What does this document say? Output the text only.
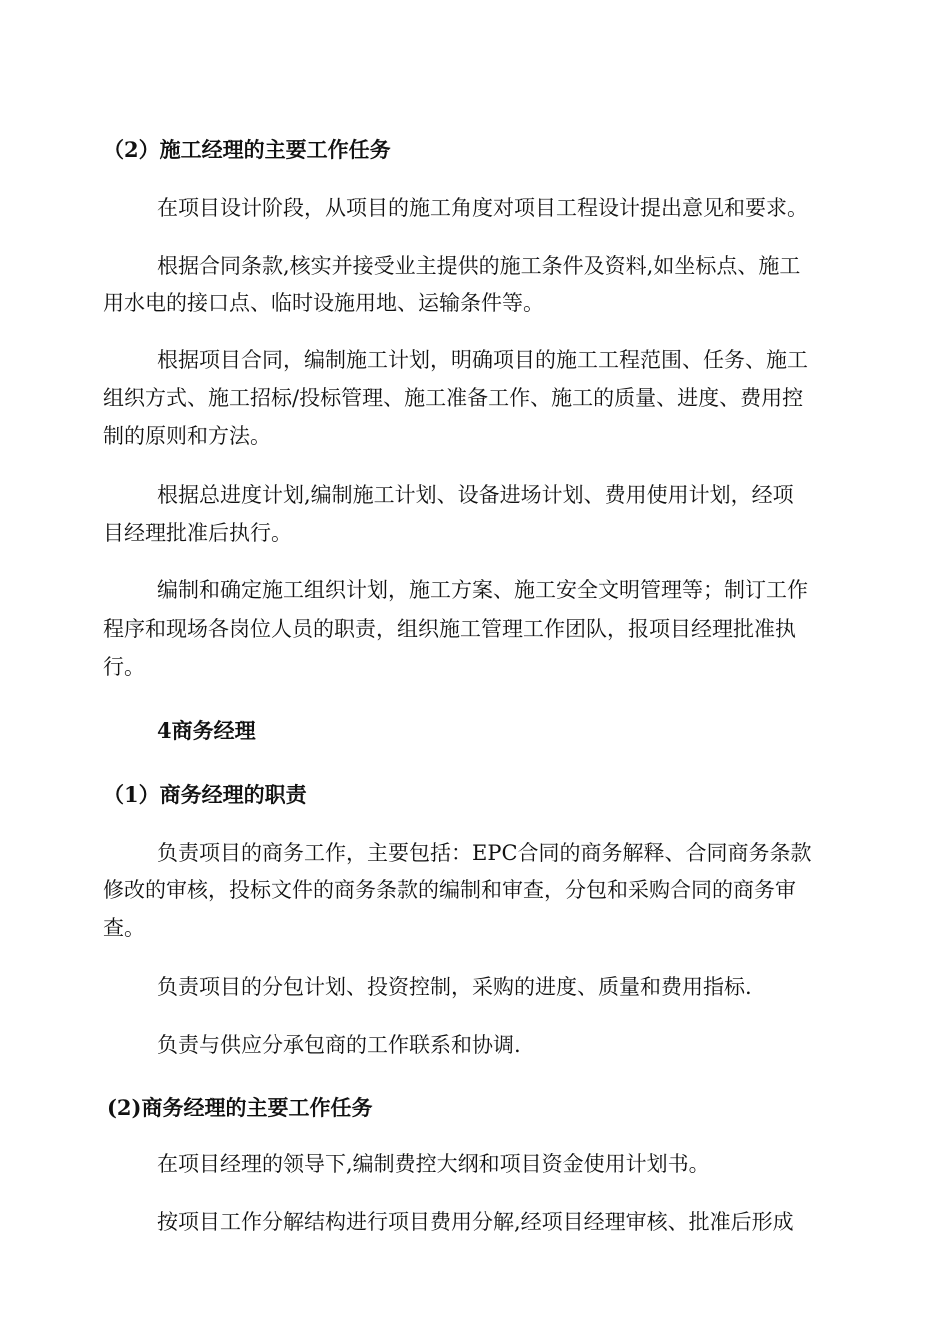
（2）施工经理的主要工作任务
在项目设计阶段，从项目的施工角度对项目工程设计提出意见和要求。
根据合同条款,核实并接受业主提供的施工条件及资料,如坐标点、施工
用水电的接口点、临时设施用地、运输条件等。
根据项目合同，编制施工计划，明确项目的施工工程范围、任务、施工
组织方式、施工招标/投标管理、施工准备工作、施工的质量、进度、费用控
制的原则和方法。
根据总进度计划,编制施工计划、设备进场计划、费用使用计划，经项
目经理批准后执行。
编制和确定施工组织计划，施工方案、施工安全文明管理等；制订工作
程序和现场各岗位人员的职责，组织施工管理工作团队，报项目经理批准执
行。
4商务经理
（1）商务经理的职责
负责项目的商务工作，主要包括：EPC合同的商务解释、合同商务条款
修改的审核，投标文件的商务条款的编制和审查，分包和采购合同的商务审
查。
负责项目的分包计划、投资控制，采购的进度、质量和费用指标.
负责与供应分承包商的工作联系和协调.
(2)商务经理的主要工作任务
在项目经理的领导下,编制费控大纲和项目资金使用计划书。
按项目工作分解结构进行项目费用分解,经项目经理审核、批准后形成
